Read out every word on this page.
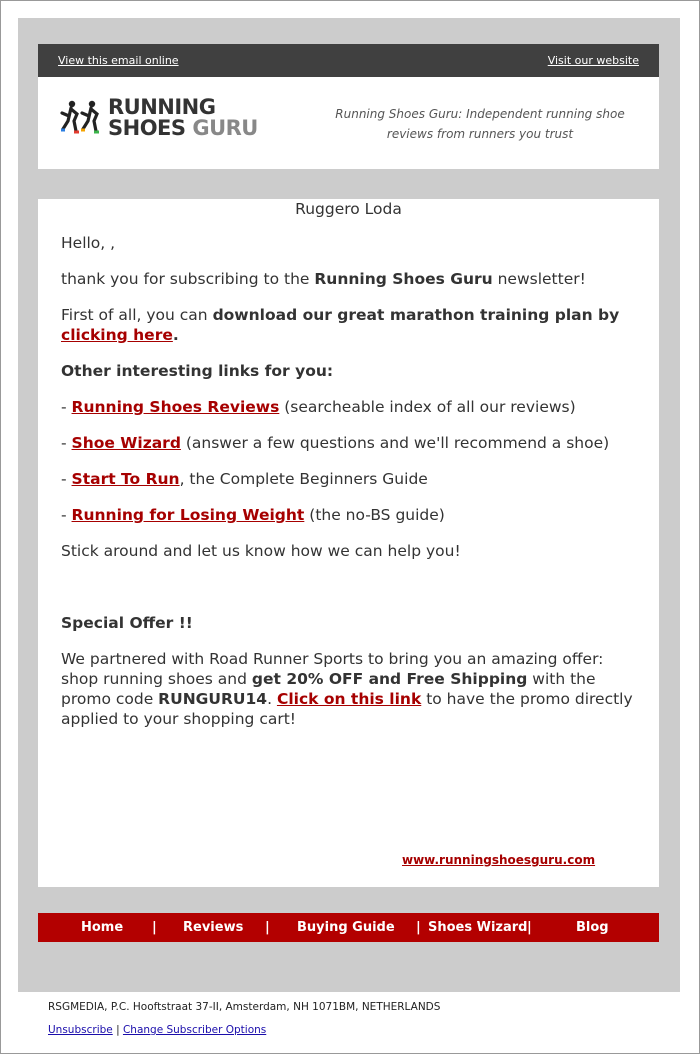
View this email online	Visit our website
RUNNING
SHOES GURU
Running Shoes Guru: Independent running shoe reviews from runners you trust

Hello, ,

thank you for subscribing to the Running Shoes Guru newsletter!

First of all, you can download our great marathon training plan by clicking here.

Other interesting links for you:

- Running Shoes Reviews (searcheable index of all our reviews)

- Shoe Wizard (answer a few questions and we'll recommend a shoe)

- Start To Run, the Complete Beginners Guide

- Running for Losing Weight (the no-BS guide)

Stick around and let us know how we can help you!

Special Offer !!

We partnered with Road Runner Sports to bring you an amazing offer: shop running shoes and get 20% OFF and Free Shipping with the promo code RUNGURU14. Click on this link to have the promo directly applied to your shopping cart!

Ruggero Loda
www.runningshoesguru.com
Home | Reviews | Buying Guide | Shoes Wizard |	Blog
RSGMEDIA, P.C. Hooftstraat 37-II, Amsterdam, NH 1071BM, NETHERLANDS
Unsubscribe | Change Subscriber Options
